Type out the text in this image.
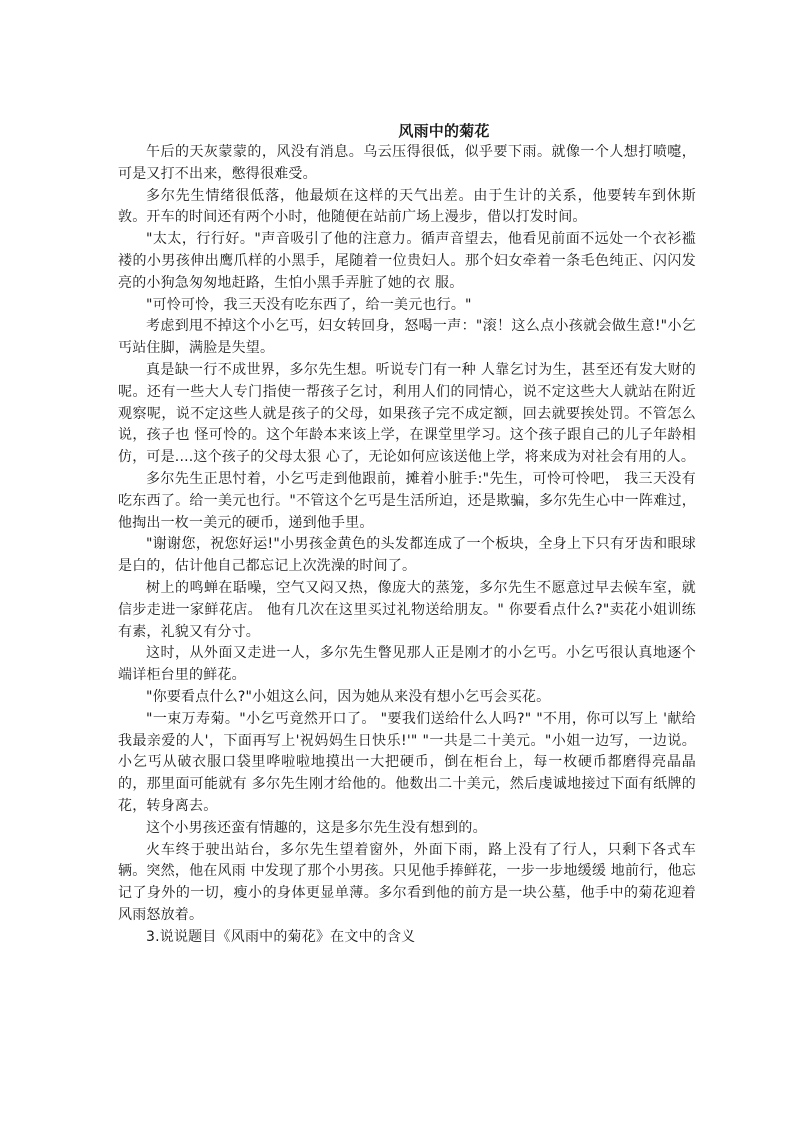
风雨中的菊花

午后的天灰蒙蒙的，风没有消息。乌云压得很低，似乎要下雨。就像一个人想打喷嚏，可是又打不出来，憋得很难受。

多尔先生情绪很低落，他最烦在这样的天气出差。由于生计的关系，他要转车到休斯敦。开车的时间还有两个小时，他随便在站前广场上漫步，借以打发时间。

"太太，行行好。"声音吸引了他的注意力。循声音望去，他看见前面不远处一个衣衫褴褛的小男孩伸出鹰爪样的小黑手，尾随着一位贵妇人。那个妇女牵着一条毛色纯正、闪闪发亮的小狗急匆匆地赶路，生怕小黑手弄脏了她的衣 服。

"可怜可怜，我三天没有吃东西了，给一美元也行。"

考虑到甩不掉这个小乞丐，妇女转回身，怒喝一声："滚！这么点小孩就会做生意!"小乞丐站住脚，满脸是失望。

真是缺一行不成世界，多尔先生想。听说专门有一种 人靠乞讨为生，甚至还有发大财的呢。还有一些大人专门指使一帮孩子乞讨，利用人们的同情心，说不定这些大人就站在附近观察呢，说不定这些人就是孩子的父母，如果孩子完不成定额，回去就要挨处罚。不管怎么说，孩子也 怪可怜的。这个年龄本来该上学，在课堂里学习。这个孩子跟自己的儿子年龄相仿，可是....这个孩子的父母太狠 心了，无论如何应该送他上学，将来成为对社会有用的人。

多尔先生正思忖着，小乞丐走到他跟前，摊着小脏手:"先生，可怜可怜吧， 我三天没有吃东西了。给一美元也行。"不管这个乞丐是生活所迫，还是欺骗，多尔先生心中一阵难过，他掏出一枚一美元的硬币，递到他手里。

"谢谢您，祝您好运!"小男孩金黄色的头发都连成了一个板块，全身上下只有牙齿和眼球是白的，估计他自己都忘记上次洗澡的时间了。

树上的鸣蝉在聒噪，空气又闷又热，像庞大的蒸笼，多尔先生不愿意过早去候车室，就信步走进一家鲜花店。 他有几次在这里买过礼物送给朋友。" 你要看点什么?"卖花小姐训练有素，礼貌又有分寸。

这时，从外面又走进一人，多尔先生瞥见那人正是刚才的小乞丐。小乞丐很认真地逐个端详柜台里的鲜花。

"你要看点什么?"小姐这么问，因为她从来没有想小乞丐会买花。

"一束万寿菊。"小乞丐竟然开口了。 "要我们送给什么人吗?" "不用，你可以写上 '献给我最亲爱的人'，下面再写上'祝妈妈生日快乐!'" "一共是二十美元。"小姐一边写，一边说。小乞丐从破衣服口袋里哗啦啦地摸出一大把硬币，倒在柜台上，每一枚硬币都磨得亮晶晶的，那里面可能就有 多尔先生刚才给他的。他数出二十美元，然后虔诚地接过下面有纸牌的花，转身离去。

这个小男孩还蛮有情趣的，这是多尔先生没有想到的。

火车终于驶出站台，多尔先生望着窗外，外面下雨，路上没有了行人，只剩下各式车辆。突然，他在风雨 中发现了那个小男孩。只见他手捧鲜花，一步一步地缓缓 地前行，他忘记了身外的一切，瘦小的身体更显单薄。多尔看到他的前方是一块公墓，他手中的菊花迎着风雨怒放着。

3.说说题目《风雨中的菊花》在文中的含义
